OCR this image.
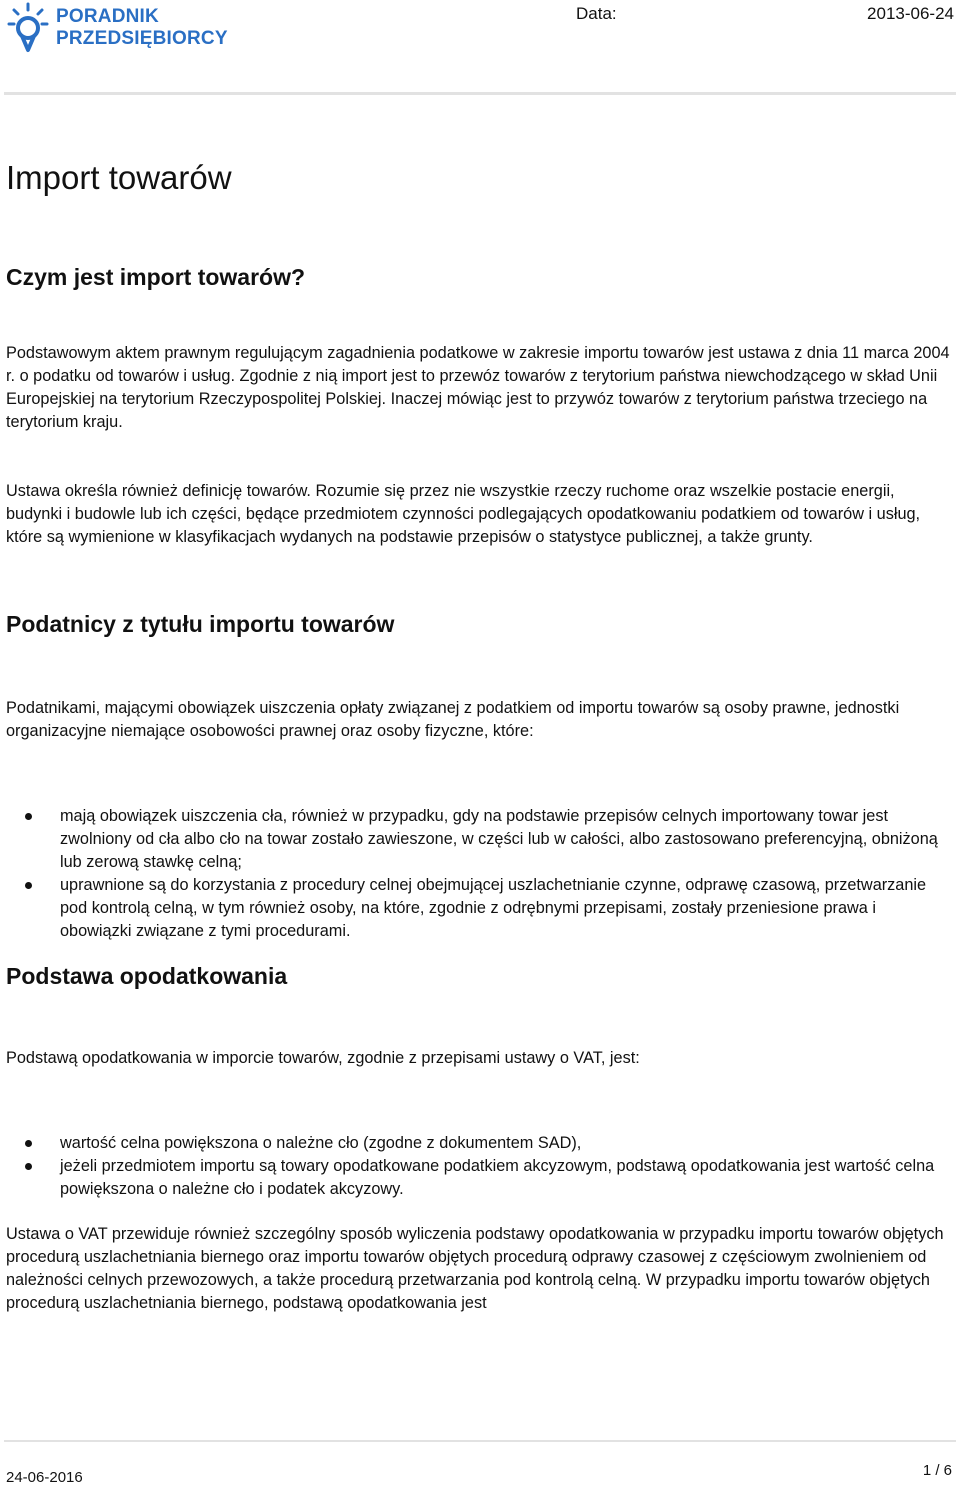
PORADNIK
PRZEDSIĘBIORCY
Data:	2013-06-24
Import towarów
Czym jest import towarów?

Podstawowym aktem prawnym regulującym zagadnienia podatkowe w zakresie importu towarów jest ustawa z dnia 11 marca 2004 r. o podatku od towarów i usług. Zgodnie z nią import jest to przewóz towarów z terytorium państwa niewchodzącego w skład Unii Europejskiej na terytorium Rzeczypospolitej Polskiej. Inaczej mówiąc jest to przywóz towarów z terytorium państwa trzeciego na terytorium kraju.

Ustawa określa również definicję towarów. Rozumie się przez nie wszystkie rzeczy ruchome oraz wszelkie postacie energii, budynki i budowle lub ich części, będące przedmiotem czynności podlegających opodatkowaniu podatkiem od towarów i usług, które są wymienione w klasyfikacjach wydanych na podstawie przepisów o statystyce publicznej, a także grunty.

Podatnicy z tytułu importu towarów

Podatnikami, mającymi obowiązek uiszczenia opłaty związanej z podatkiem od importu towarów są osoby prawne, jednostki organizacyjne niemające osobowości prawnej oraz osoby fizyczne, które:

mają obowiązek uiszczenia cła, również w przypadku, gdy na podstawie przepisów celnych importowany towar jest zwolniony od cła albo cło na towar zostało zawieszone, w części lub w całości, albo zastosowano preferencyjną, obniżoną lub zerową stawkę celną;
uprawnione są do korzystania z procedury celnej obejmującej uszlachetnianie czynne, odprawę czasową, przetwarzanie pod kontrolą celną, w tym również osoby, na które, zgodnie z odrębnymi przepisami, zostały przeniesione prawa i obowiązki związane z tymi procedurami.
Podstawa opodatkowania

Podstawą opodatkowania w imporcie towarów, zgodnie z przepisami ustawy o VAT, jest:

wartość celna powiększona o należne cło (zgodne z dokumentem SAD),
jeżeli przedmiotem importu są towary opodatkowane podatkiem akcyzowym, podstawą opodatkowania jest wartość celna powiększona o należne cło i podatek akcyzowy.

Ustawa o VAT przewiduje również szczególny sposób wyliczenia podstawy opodatkowania w przypadku importu towarów objętych procedurą uszlachetniania biernego oraz importu towarów objętych procedurą odprawy czasowej z częściowym zwolnieniem od należności celnych przewozowych, a także procedurą przetwarzania pod kontrolą celną. W przypadku importu towarów objętych procedurą uszlachetniania biernego, podstawą opodatkowania jest

24-06-2016	1 / 6
